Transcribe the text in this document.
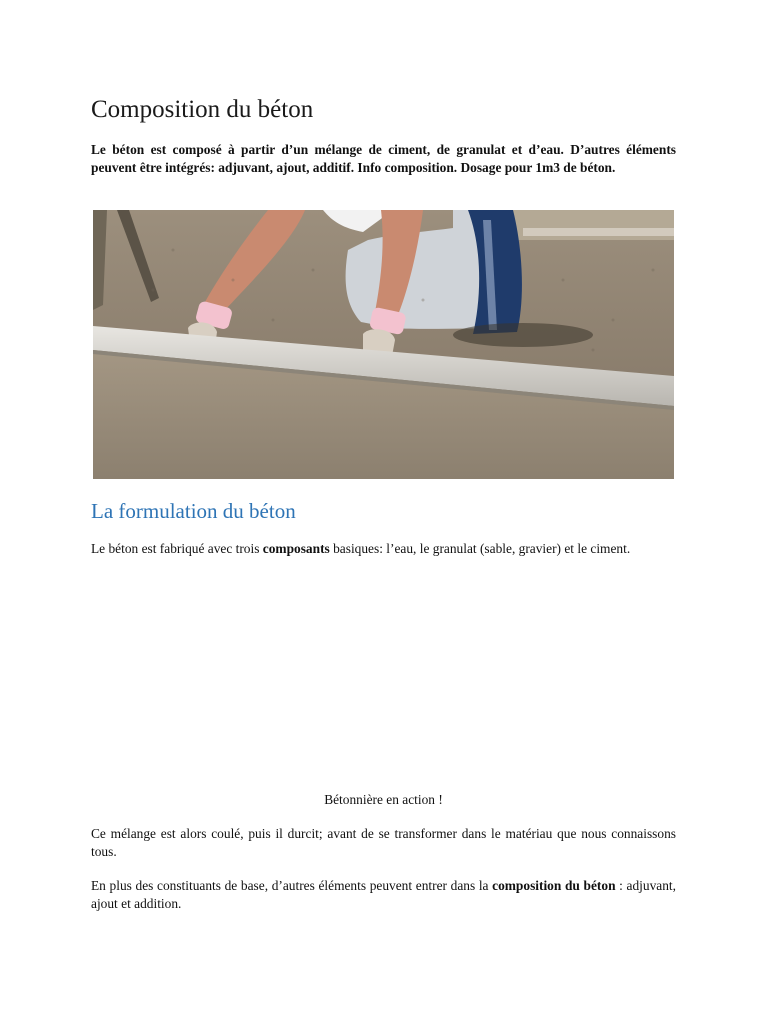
Composition du béton

Le béton est composé à partir d’un mélange de ciment, de granulat et d’eau. D’autres éléments peuvent être intégrés: adjuvant, ajout, additif. Info composition. Dosage pour 1m3 de béton.

La formulation du béton

Le béton est fabriqué avec trois composants basiques: l’eau, le granulat (sable, gravier) et le ciment.

Bétonnière en action !

Ce mélange est alors coulé, puis il durcit; avant de se transformer dans le matériau que nous connaissons tous.

En plus des constituants de base, d’autres éléments peuvent entrer dans la composition du béton : adjuvant, ajout et addition.
